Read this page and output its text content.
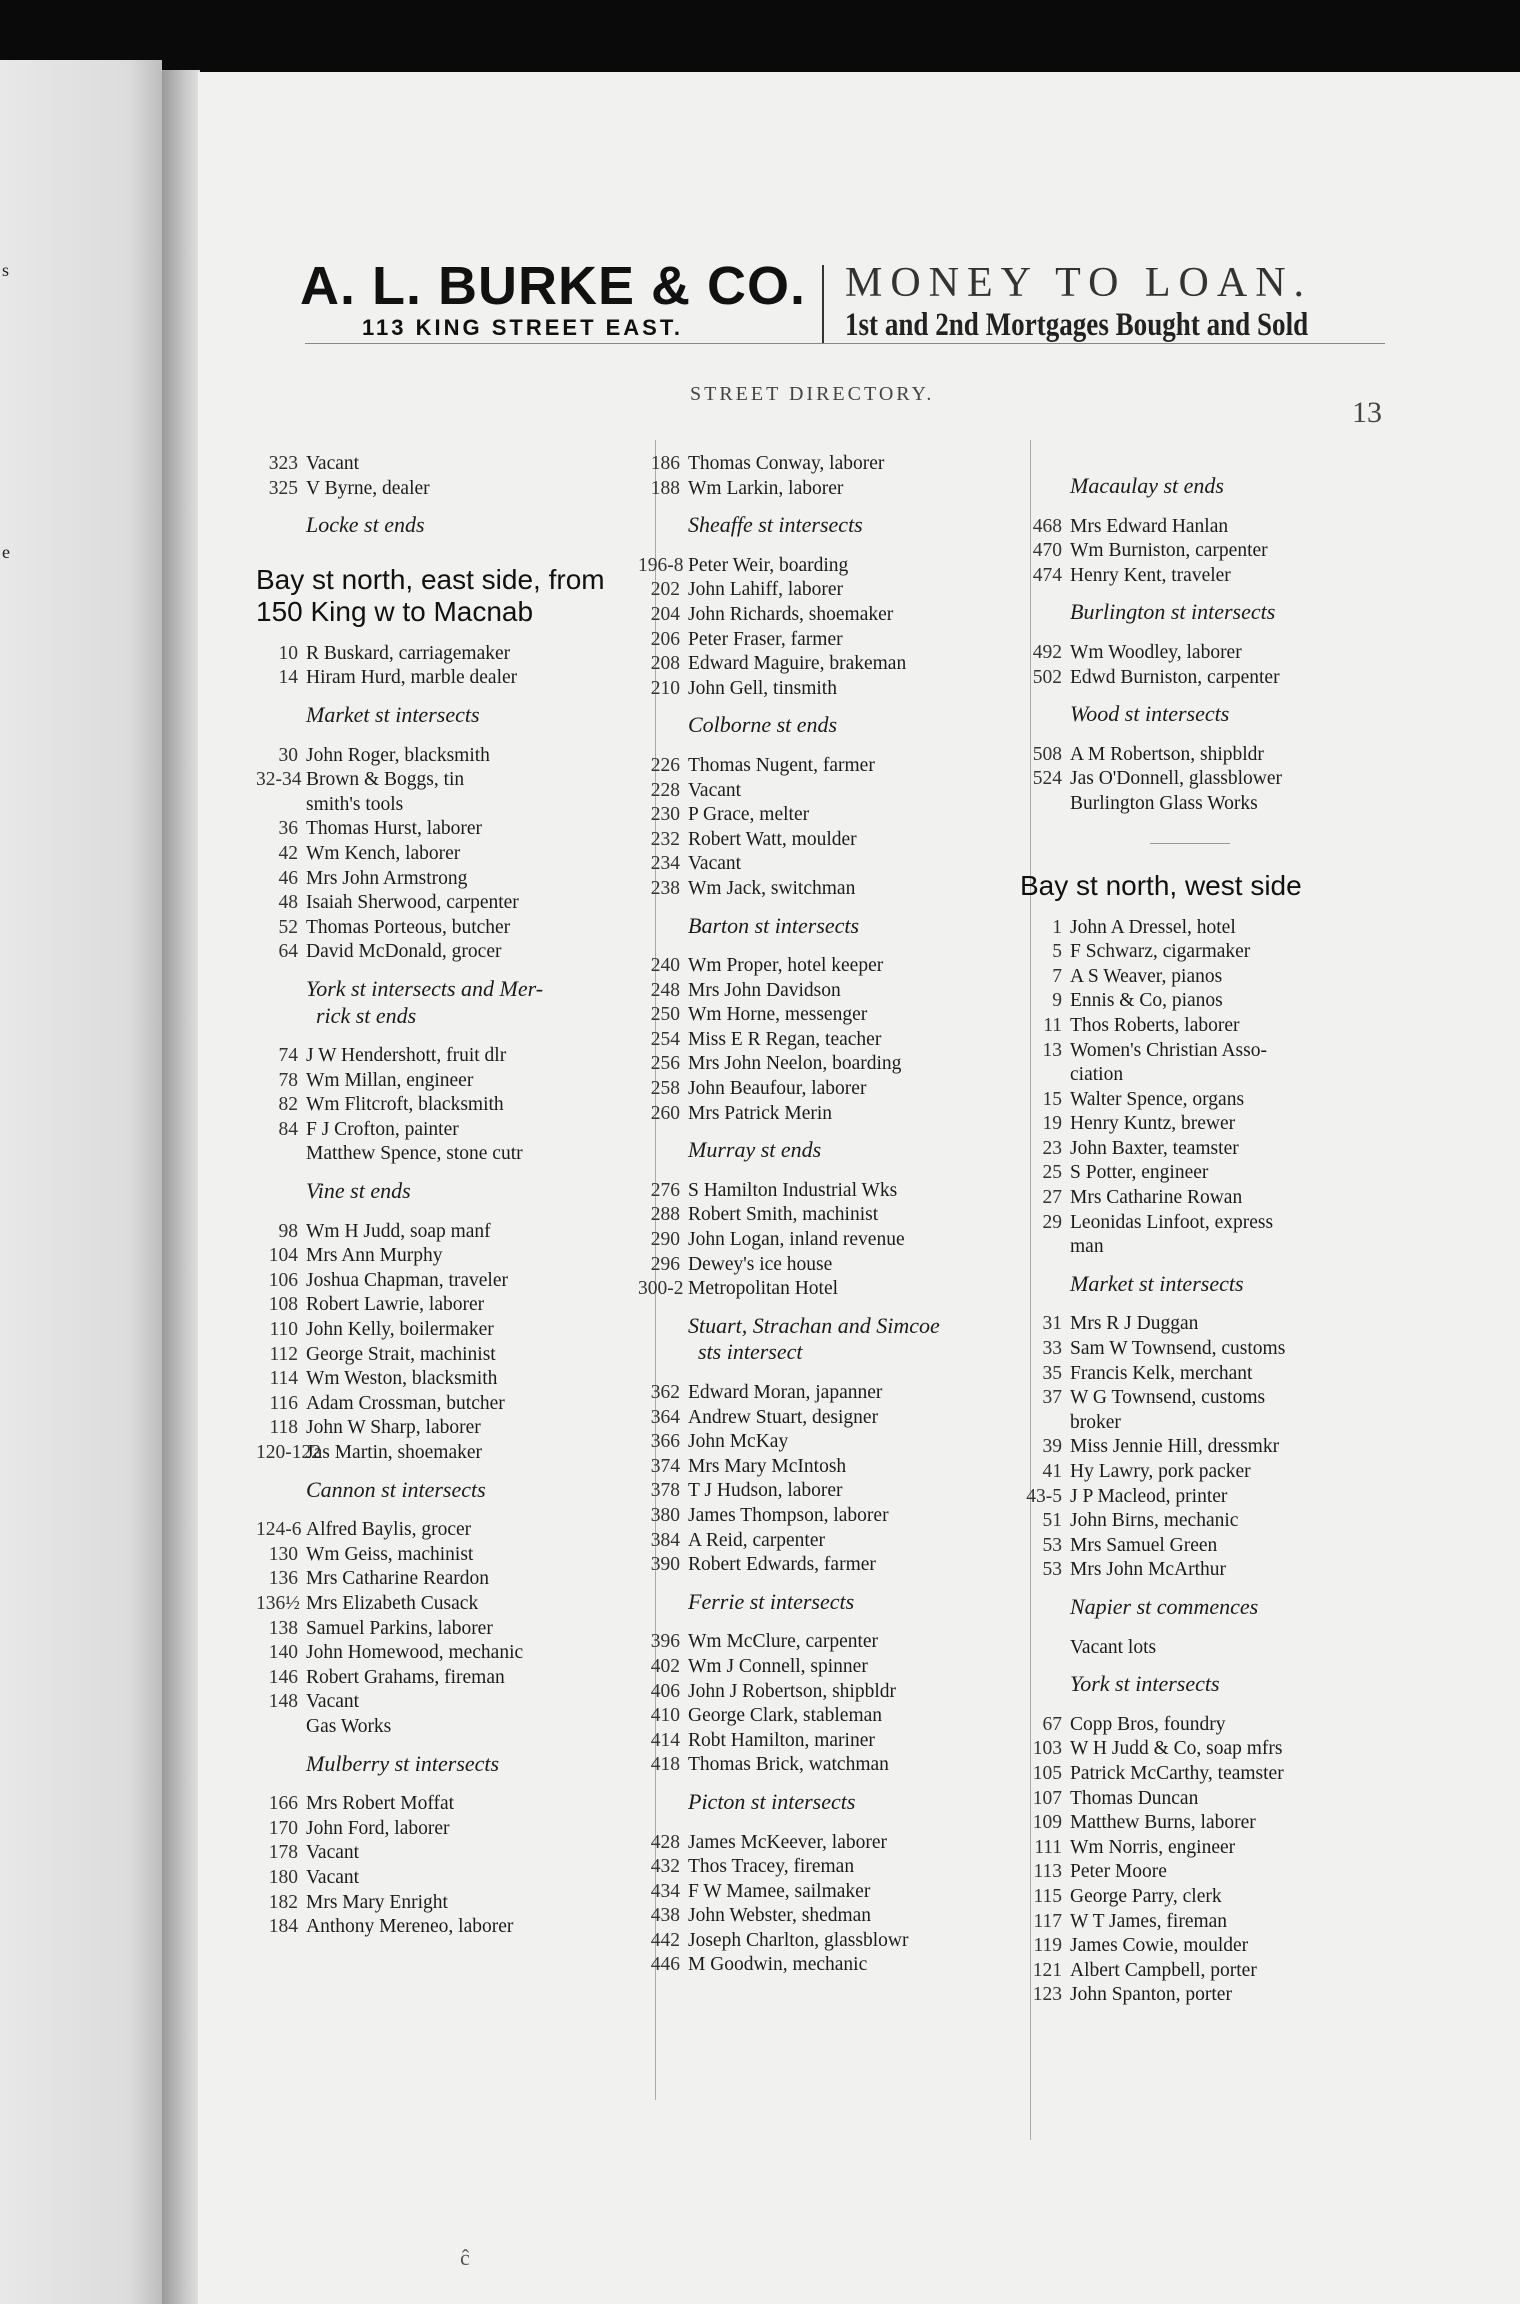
s
e
A. L. BURKE & CO.
113 KING STREET EAST.
MONEY TO LOAN.
1st and 2nd Mortgages Bought and Sold
STREET DIRECTORY.
13
323 Vacant
325 V Byrne, dealer
Locke st ends
Bay st north, east side, from 150 King w to Macnab
10 R Buskard, carriagemaker
14 Hiram Hurd, marble dealer
Market st intersects
30 John Roger, blacksmith
32-34 Brown & Boggs, tin
smith's tools
36 Thomas Hurst, laborer
42 Wm Kench, laborer
46 Mrs John Armstrong
48 Isaiah Sherwood, carpenter
52 Thomas Porteous, butcher
64 David McDonald, grocer
York st intersects and Mer-
rick st ends
74 J W Hendershott, fruit dlr
78 Wm Millan, engineer
82 Wm Flitcroft, blacksmith
84 F J Crofton, painter
Matthew Spence, stone cutr
Vine st ends
98 Wm H Judd, soap manf
104 Mrs Ann Murphy
106 Joshua Chapman, traveler
108 Robert Lawrie, laborer
110 John Kelly, boilermaker
112 George Strait, machinist
114 Wm Weston, blacksmith
116 Adam Crossman, butcher
118 John W Sharp, laborer
120-122Jas Martin, shoemaker
Cannon st intersects
124-6 Alfred Baylis, grocer
130 Wm Geiss, machinist
136 Mrs Catharine Reardon
136½ Mrs Elizabeth Cusack
138 Samuel Parkins, laborer
140 John Homewood, mechanic
146 Robert Grahams, fireman
148 Vacant
Gas Works
Mulberry st intersects
166 Mrs Robert Moffat
170 John Ford, laborer
178 Vacant
180 Vacant
182 Mrs Mary Enright
184 Anthony Mereneo, laborer
186 Thomas Conway, laborer
188 Wm Larkin, laborer
Sheaffe st intersects
196-8 Peter Weir, boarding
202 John Lahiff, laborer
204 John Richards, shoemaker
206 Peter Fraser, farmer
208 Edward Maguire, brakeman
210 John Gell, tinsmith
Colborne st ends
226 Thomas Nugent, farmer
228 Vacant
230 P Grace, melter
232 Robert Watt, moulder
234 Vacant
238 Wm Jack, switchman
Barton st intersects
240 Wm Proper, hotel keeper
248 Mrs John Davidson
250 Wm Horne, messenger
254 Miss E R Regan, teacher
256 Mrs John Neelon, boarding
258 John Beaufour, laborer
260 Mrs Patrick Merin
Murray st ends
276 S Hamilton Industrial Wks
288 Robert Smith, machinist
290 John Logan, inland revenue
296 Dewey's ice house
300-2 Metropolitan Hotel
Stuart, Strachan and Simcoe
sts intersect
362 Edward Moran, japanner
364 Andrew Stuart, designer
366 John McKay
374 Mrs Mary McIntosh
378 T J Hudson, laborer
380 James Thompson, laborer
384 A Reid, carpenter
390 Robert Edwards, farmer
Ferrie st intersects
396 Wm McClure, carpenter
402 Wm J Connell, spinner
406 John J Robertson, shipbldr
410 George Clark, stableman
414 Robt Hamilton, mariner
418 Thomas Brick, watchman
Picton st intersects
428 James McKeever, laborer
432 Thos Tracey, fireman
434 F W Mamee, sailmaker
438 John Webster, shedman
442 Joseph Charlton, glassblowr
446 M Goodwin, mechanic
Macaulay st ends
468 Mrs Edward Hanlan
470 Wm Burniston, carpenter
474 Henry Kent, traveler
Burlington st intersects
492 Wm Woodley, laborer
502 Edwd Burniston, carpenter
Wood st intersects
508 A M Robertson, shipbldr
524 Jas O'Donnell, glassblower
Burlington Glass Works
Bay st north, west side
1 John A Dressel, hotel
5 F Schwarz, cigarmaker
7 A S Weaver, pianos
9 Ennis & Co, pianos
11 Thos Roberts, laborer
13 Women's Christian Asso-
ciation
15 Walter Spence, organs
19 Henry Kuntz, brewer
23 John Baxter, teamster
25 S Potter, engineer
27 Mrs Catharine Rowan
29 Leonidas Linfoot, express
man
Market st intersects
31 Mrs R J Duggan
33 Sam W Townsend, customs
35 Francis Kelk, merchant
37 W G Townsend, customs
broker
39 Miss Jennie Hill, dressmkr
41 Hy Lawry, pork packer
43-5 J P Macleod, printer
51 John Birns, mechanic
53 Mrs Samuel Green
53 Mrs John McArthur
Napier st commences
Vacant lots
York st intersects
67 Copp Bros, foundry
103 W H Judd & Co, soap mfrs
105 Patrick McCarthy, teamster
107 Thomas Duncan
109 Matthew Burns, laborer
111 Wm Norris, engineer
113 Peter Moore
115 George Parry, clerk
117 W T James, fireman
119 James Cowie, moulder
121 Albert Campbell, porter
123 John Spanton, porter
ĉ
